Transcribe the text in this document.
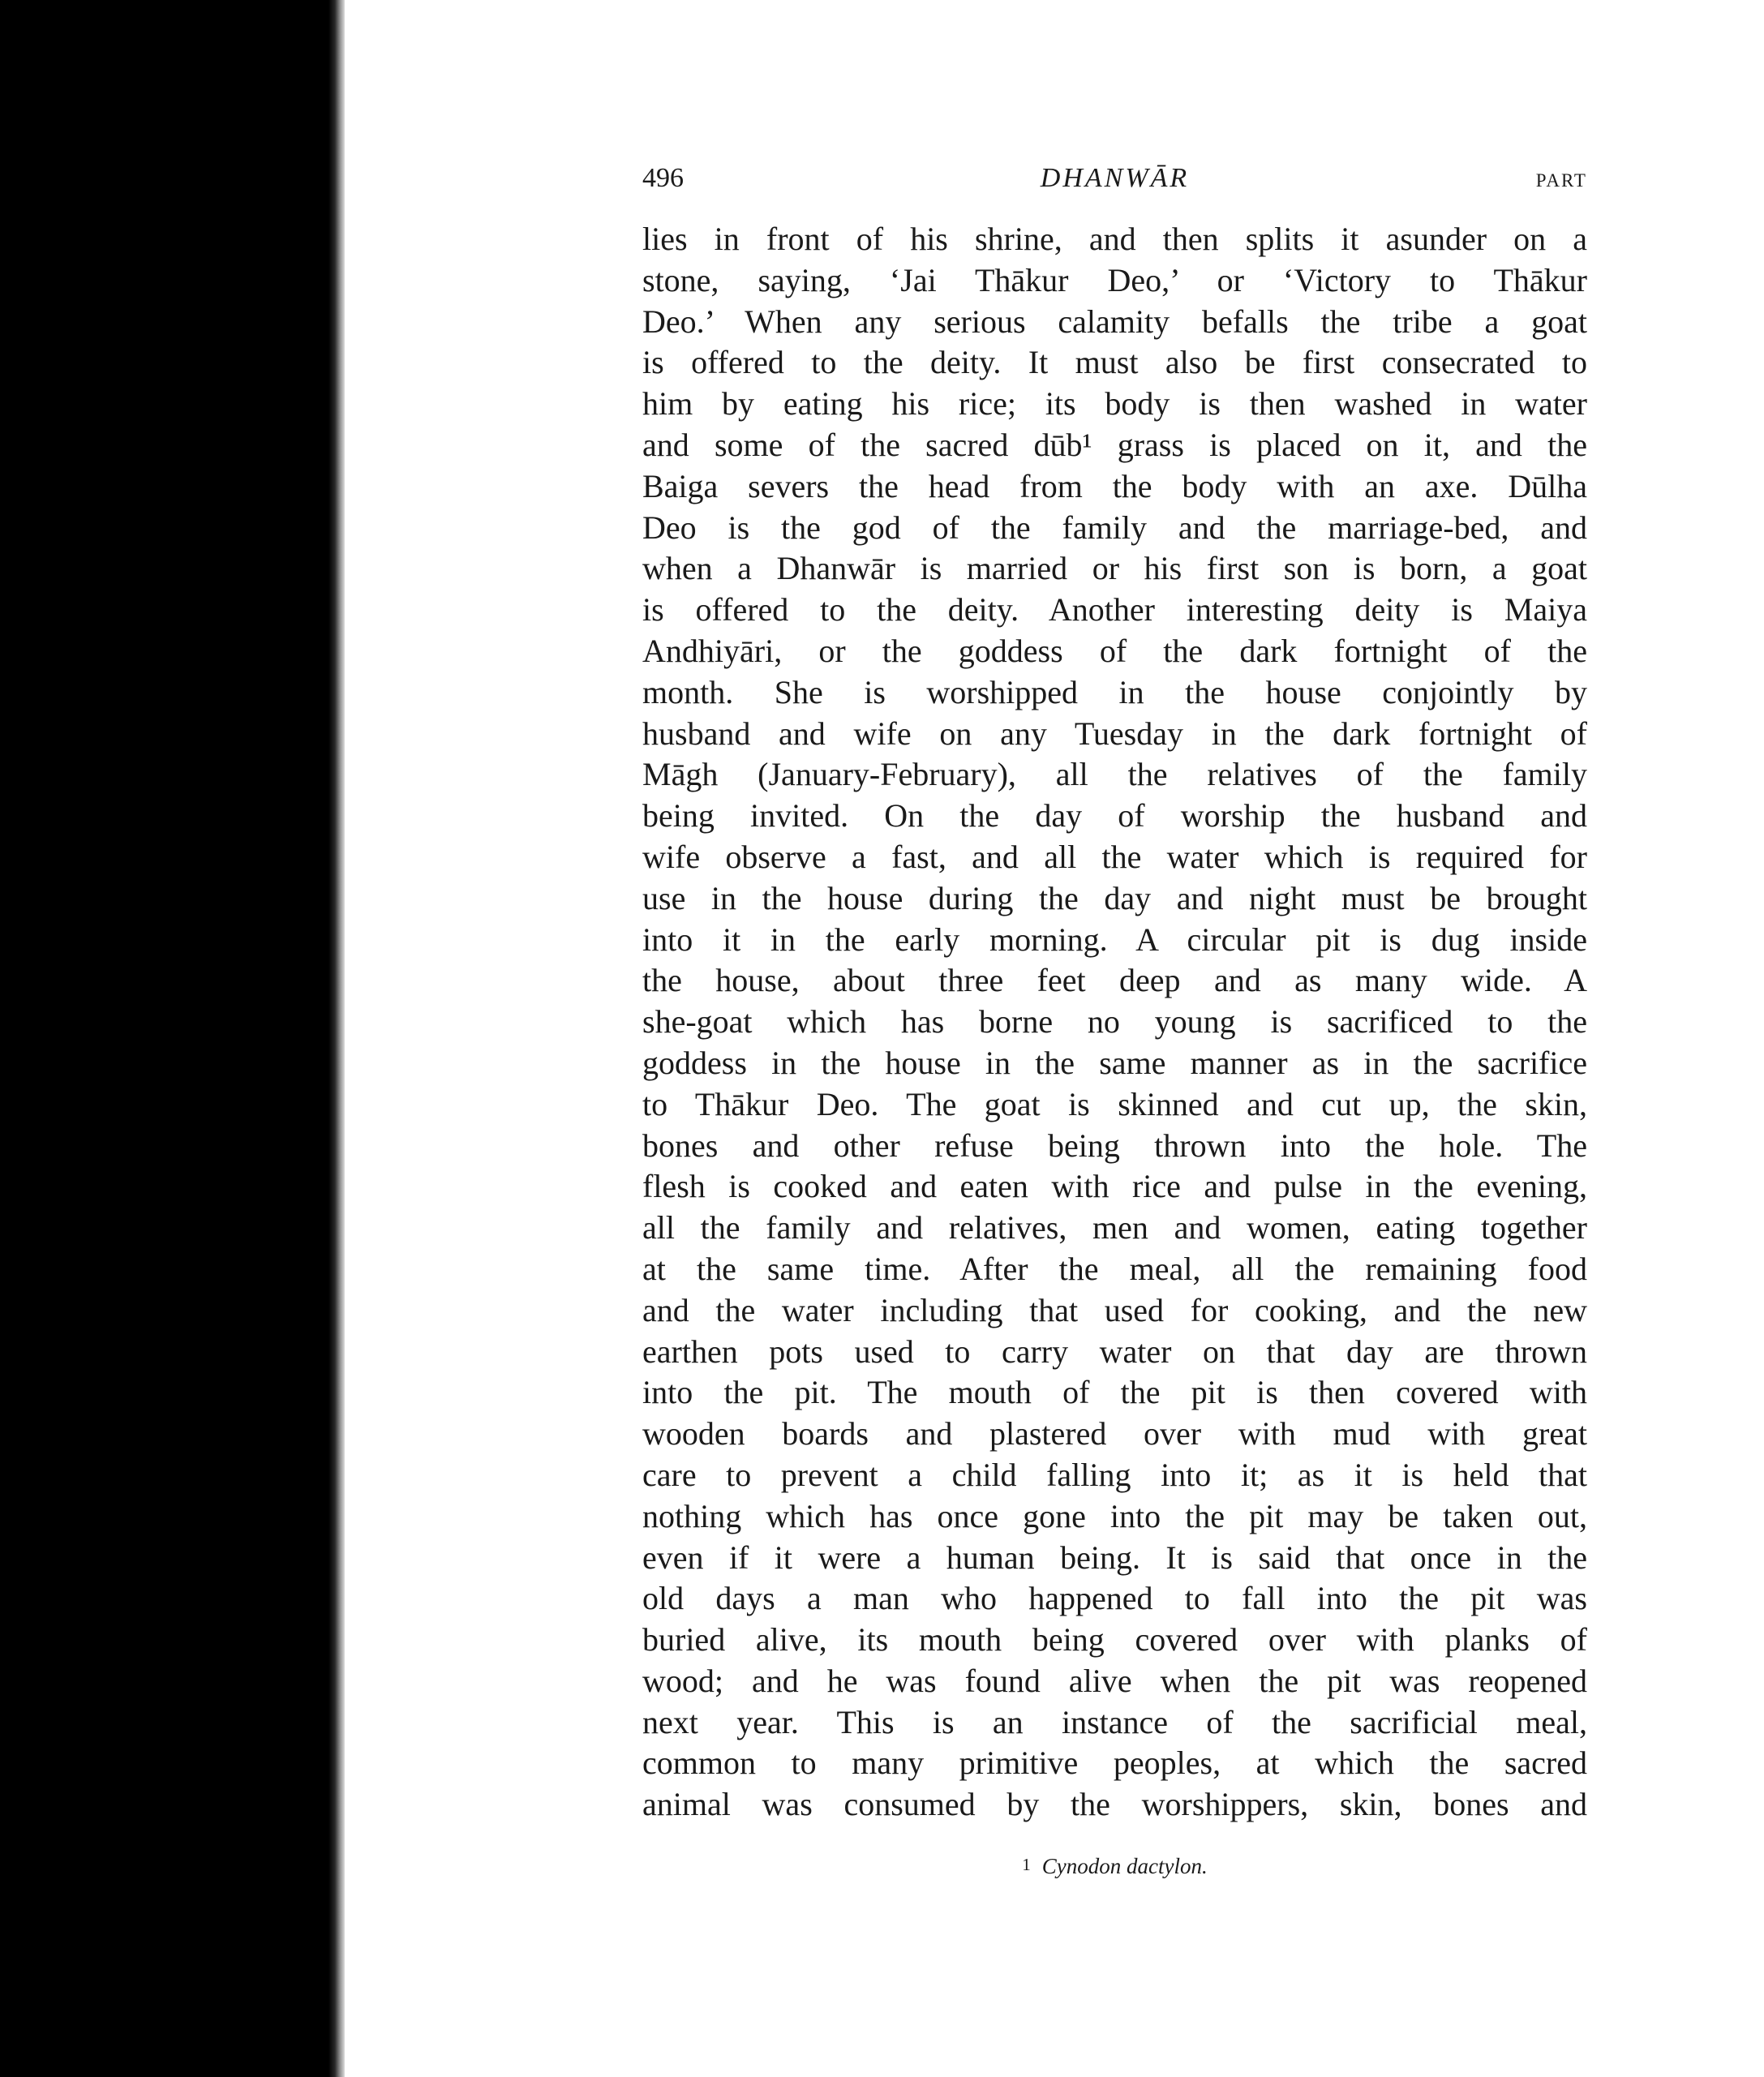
496	DHANWĀR	PART
lies in front of his shrine, and then splits it asunder on a
stone, saying, ‘Jai Thākur Deo,’ or ‘Victory to Thākur
Deo.’ When any serious calamity befalls the tribe a goat
is offered to the deity. It must also be first consecrated to
him by eating his rice; its body is then washed in water
and some of the sacred dūb¹ grass is placed on it, and the
Baiga severs the head from the body with an axe. Dūlha
Deo is the god of the family and the marriage-bed, and
when a Dhanwār is married or his first son is born, a goat
is offered to the deity. Another interesting deity is Maiya
Andhiyāri, or the goddess of the dark fortnight of the
month. She is worshipped in the house conjointly by
husband and wife on any Tuesday in the dark fortnight of
Māgh (January-February), all the relatives of the family
being invited. On the day of worship the husband and
wife observe a fast, and all the water which is required for
use in the house during the day and night must be brought
into it in the early morning. A circular pit is dug inside
the house, about three feet deep and as many wide. A
she-goat which has borne no young is sacrificed to the
goddess in the house in the same manner as in the sacrifice
to Thākur Deo. The goat is skinned and cut up, the skin,
bones and other refuse being thrown into the hole. The
flesh is cooked and eaten with rice and pulse in the evening,
all the family and relatives, men and women, eating together
at the same time. After the meal, all the remaining food
and the water including that used for cooking, and the new
earthen pots used to carry water on that day are thrown
into the pit. The mouth of the pit is then covered with
wooden boards and plastered over with mud with great
care to prevent a child falling into it; as it is held that
nothing which has once gone into the pit may be taken out,
even if it were a human being. It is said that once in the
old days a man who happened to fall into the pit was
buried alive, its mouth being covered over with planks of
wood; and he was found alive when the pit was reopened
next year. This is an instance of the sacrificial meal,
common to many primitive peoples, at which the sacred
animal was consumed by the worshippers, skin, bones and
1 Cynodon dactylon.
